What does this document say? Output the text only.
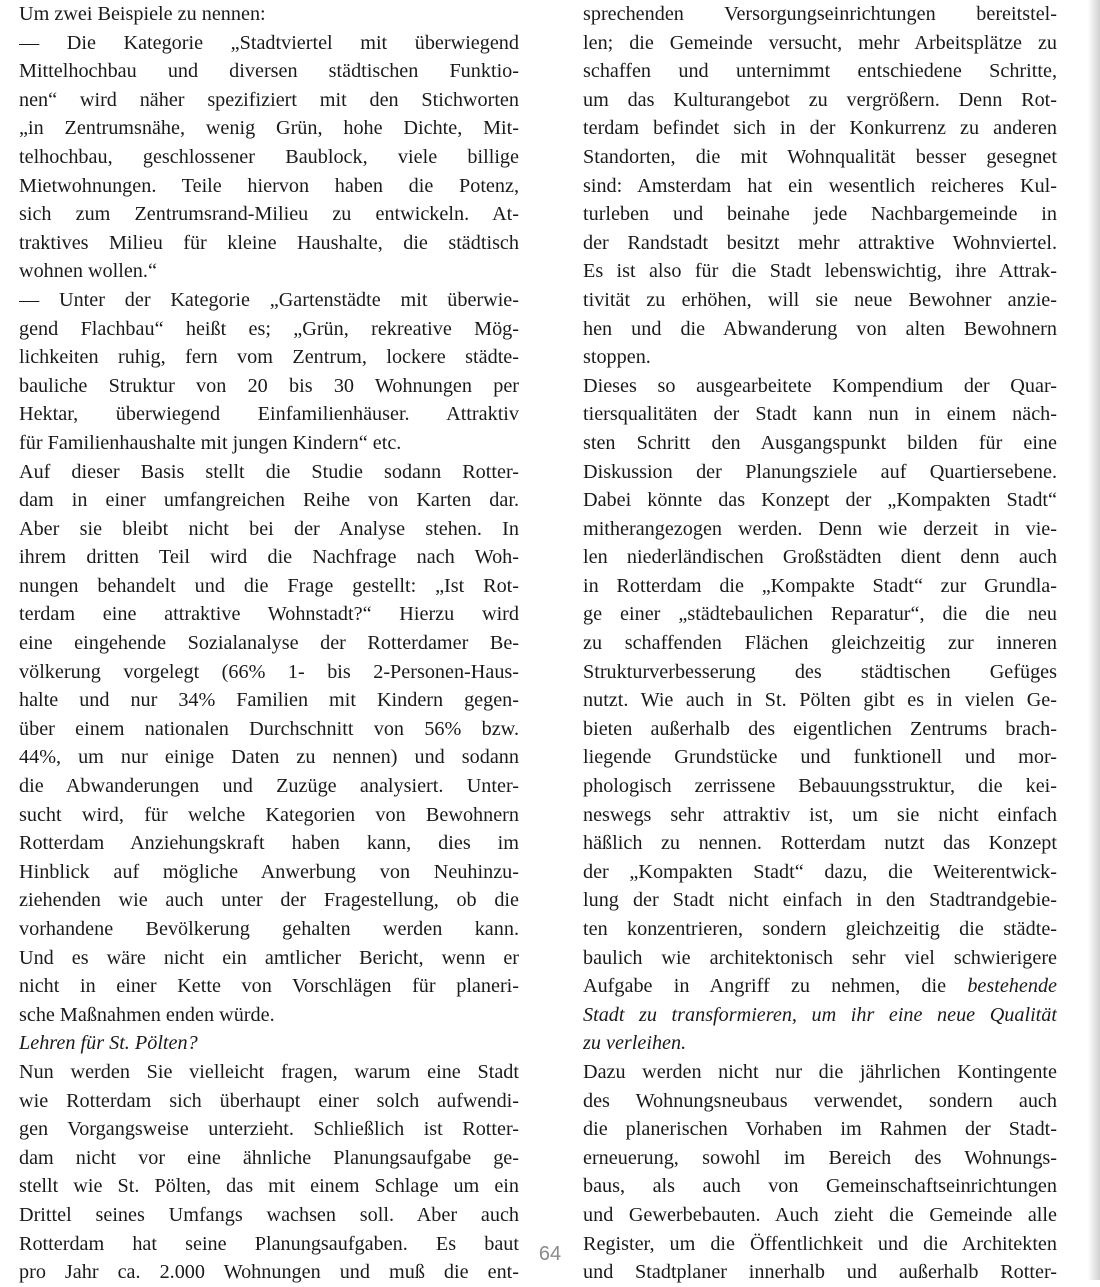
Um zwei Beispiele zu nennen:
— Die Kategorie „Stadtviertel mit überwiegend
Mittelhochbau und diversen städtischen Funktio-
nen“ wird näher spezifiziert mit den Stichworten
„in Zentrumsnähe, wenig Grün, hohe Dichte, Mit-
telhochbau, geschlossener Baublock, viele billige
Mietwohnungen. Teile hiervon haben die Potenz,
sich zum Zentrumsrand-Milieu zu entwickeln. At-
traktives Milieu für kleine Haushalte, die städtisch
wohnen wollen.“
— Unter der Kategorie „Gartenstädte mit überwie-
gend Flachbau“ heißt es; „Grün, rekreative Mög-
lichkeiten ruhig, fern vom Zentrum, lockere städte-
bauliche Struktur von 20 bis 30 Wohnungen per
Hektar, überwiegend Einfamilienhäuser. Attraktiv
für Familienhaushalte mit jungen Kindern“ etc.
Auf dieser Basis stellt die Studie sodann Rotter-
dam in einer umfangreichen Reihe von Karten dar.
Aber sie bleibt nicht bei der Analyse stehen. In
ihrem dritten Teil wird die Nachfrage nach Woh-
nungen behandelt und die Frage gestellt: „Ist Rot-
terdam eine attraktive Wohnstadt?“ Hierzu wird
eine eingehende Sozialanalyse der Rotterdamer Be-
völkerung vorgelegt (66% 1- bis 2-Personen-Haus-
halte und nur 34% Familien mit Kindern gegen-
über einem nationalen Durchschnitt von 56% bzw.
44%, um nur einige Daten zu nennen) und sodann
die Abwanderungen und Zuzüge analysiert. Unter-
sucht wird, für welche Kategorien von Bewohnern
Rotterdam Anziehungskraft haben kann, dies im
Hinblick auf mögliche Anwerbung von Neuhinzu-
ziehenden wie auch unter der Fragestellung, ob die
vorhandene Bevölkerung gehalten werden kann.
Und es wäre nicht ein amtlicher Bericht, wenn er
nicht in einer Kette von Vorschlägen für planeri-
sche Maßnahmen enden würde.
Lehren für St. Pölten?
Nun werden Sie vielleicht fragen, warum eine Stadt
wie Rotterdam sich überhaupt einer solch aufwendi-
gen Vorgangsweise unterzieht. Schließlich ist Rotter-
dam nicht vor eine ähnliche Planungsaufgabe ge-
stellt wie St. Pölten, das mit einem Schlage um ein
Drittel seines Umfangs wachsen soll. Aber auch
Rotterdam hat seine Planungsaufgaben. Es baut
pro Jahr ca. 2.000 Wohnungen und muß die ent-
sprechenden Versorgungseinrichtungen bereitstel-
len; die Gemeinde versucht, mehr Arbeitsplätze zu
schaffen und unternimmt entschiedene Schritte,
um das Kulturangebot zu vergrößern. Denn Rot-
terdam befindet sich in der Konkurrenz zu anderen
Standorten, die mit Wohnqualität besser gesegnet
sind: Amsterdam hat ein wesentlich reicheres Kul-
turleben und beinahe jede Nachbargemeinde in
der Randstadt besitzt mehr attraktive Wohnviertel.
Es ist also für die Stadt lebenswichtig, ihre Attrak-
tivität zu erhöhen, will sie neue Bewohner anzie-
hen und die Abwanderung von alten Bewohnern
stoppen.
Dieses so ausgearbeitete Kompendium der Quar-
tiersqualitäten der Stadt kann nun in einem näch-
sten Schritt den Ausgangspunkt bilden für eine
Diskussion der Planungsziele auf Quartiersebene.
Dabei könnte das Konzept der „Kompakten Stadt“
mitherangezogen werden. Denn wie derzeit in vie-
len niederländischen Großstädten dient denn auch
in Rotterdam die „Kompakte Stadt“ zur Grundla-
ge einer „städtebaulichen Reparatur“, die die neu
zu schaffenden Flächen gleichzeitig zur inneren
Strukturverbesserung des städtischen Gefüges
nutzt. Wie auch in St. Pölten gibt es in vielen Ge-
bieten außerhalb des eigentlichen Zentrums brach-
liegende Grundstücke und funktionell und mor-
phologisch zerrissene Bebauungsstruktur, die kei-
neswegs sehr attraktiv ist, um sie nicht einfach
häßlich zu nennen. Rotterdam nutzt das Konzept
der „Kompakten Stadt“ dazu, die Weiterentwick-
lung der Stadt nicht einfach in den Stadtrandgebie-
ten konzentrieren, sondern gleichzeitig die städte-
baulich wie architektonisch sehr viel schwierigere
Aufgabe in Angriff zu nehmen, die bestehende
Stadt zu transformieren, um ihr eine neue Qualität
zu verleihen.
Dazu werden nicht nur die jährlichen Kontingente
des Wohnungsneubaus verwendet, sondern auch
die planerischen Vorhaben im Rahmen der Stadt-
erneuerung, sowohl im Bereich des Wohnungs-
baus, als auch von Gemeinschaftseinrichtungen
und Gewerbebauten. Auch zieht die Gemeinde alle
Register, um die Öffentlichkeit und die Architekten
und Stadtplaner innerhalb und außerhalb Rotter-
64
